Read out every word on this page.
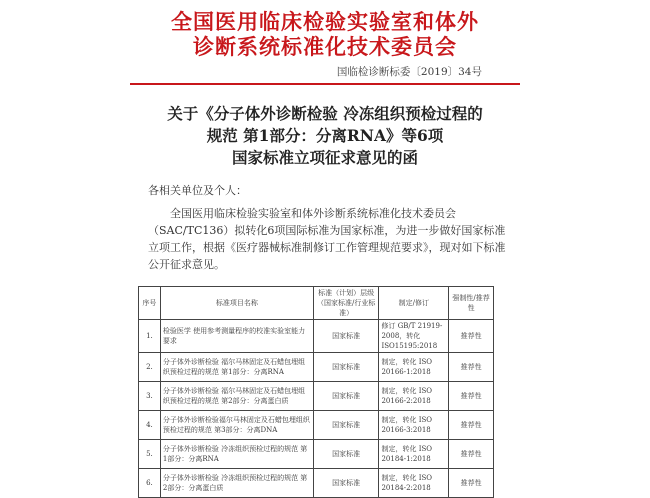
全国医用临床检验实验室和体外
诊断系统标准化技术委员会
国临检诊断标委〔2019〕34号
关于《分子体外诊断检验 冷冻组织预检过程的
规范 第1部分：分离RNA》等6项
国家标准立项征求意见的函
各相关单位及个人：
全国医用临床检验实验室和体外诊断系统标准化技术委员会（SAC/TC136）拟转化6项国际标准为国家标准，为进一步做好国家标准立项工作，根据《医疗器械标准制修订工作管理规范要求》，现对如下标准公开征求意见。
序号	标准项目名称	标准（计划）层级（国家标准/行业标准）	制定/修订	强制性/推荐性
1.	检验医学 使用参考测量程序的校准实验室能力要求	国家标准	修订 GB/T 21919-2008，转化ISO15195:2018	推荐性
2.	分子体外诊断检验 福尔马林固定及石蜡包埋组织预检过程的规范 第1部分：分离RNA	国家标准	制定，转化 ISO 20166-1:2018	推荐性
3.	分子体外诊断检验 福尔马林固定及石蜡包埋组织预检过程的规范 第2部分：分离蛋白质	国家标准	制定，转化 ISO 20166-2:2018	推荐性
4.	分子体外诊断检验福尔马林固定及石蜡包埋组织预检过程的规范 第3部分：分离DNA	国家标准	制定，转化 ISO 20166-3:2018	推荐性
5.	分子体外诊断检验 冷冻组织预检过程的规范 第1部分：分离RNA	国家标准	制定，转化 ISO 20184-1:2018	推荐性
6.	分子体外诊断检验 冷冻组织预检过程的规范 第2部分：分离蛋白质	国家标准	制定，转化 ISO 20184-2:2018	推荐性
